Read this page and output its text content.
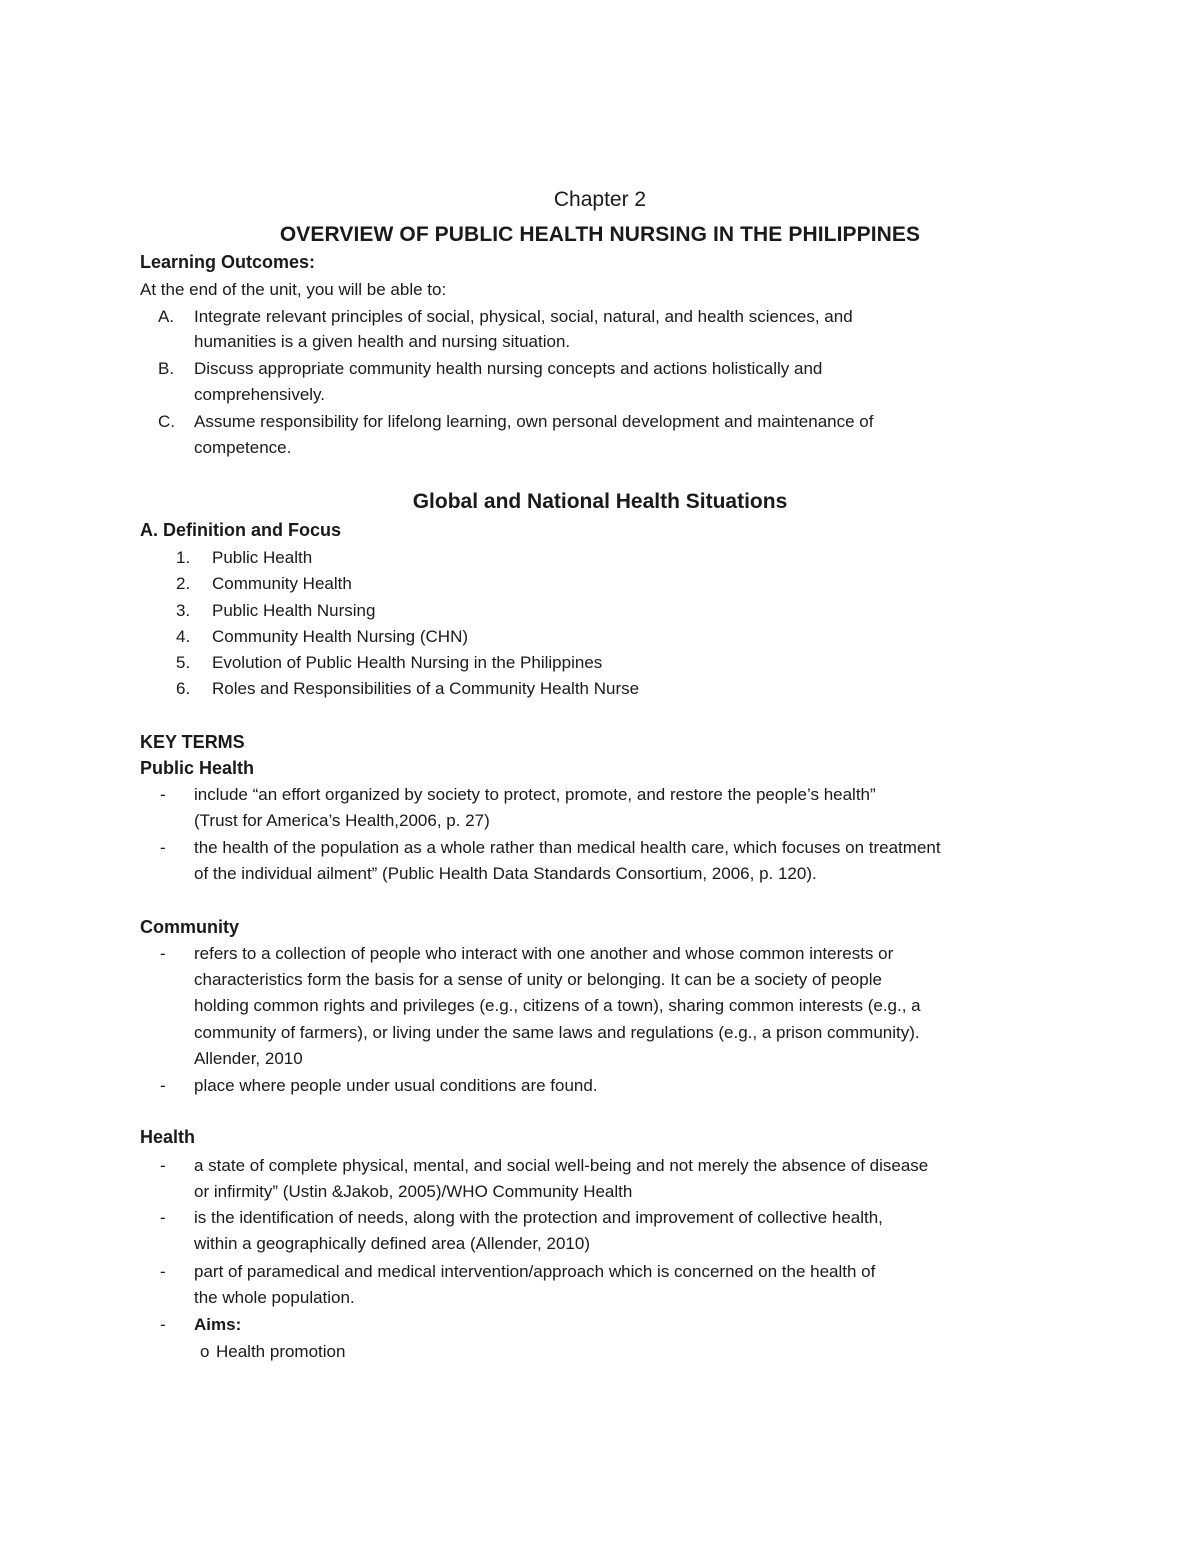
Chapter 2
OVERVIEW OF PUBLIC HEALTH NURSING IN THE PHILIPPINES
Learning Outcomes:
At the end of the unit, you will be able to:
A. Integrate relevant principles of social, physical, social, natural, and health sciences, and
humanities is a given health and nursing situation.
B. Discuss appropriate community health nursing concepts and actions holistically and
comprehensively.
C. Assume responsibility for lifelong learning, own personal development and maintenance of
competence.
Global and National Health Situations
A. Definition and Focus
1. Public Health
2. Community Health
3. Public Health Nursing
4. Community Health Nursing (CHN)
5. Evolution of Public Health Nursing in the Philippines
6. Roles and Responsibilities of a Community Health Nurse
KEY TERMS
Public Health
- include “an effort organized by society to protect, promote, and restore the people’s health”
(Trust for America’s Health,2006, p. 27)
- the health of the population as a whole rather than medical health care, which focuses on treatment
of the individual ailment” (Public Health Data Standards Consortium, 2006, p. 120).
Community
- refers to a collection of people who interact with one another and whose common interests or
characteristics form the basis for a sense of unity or belonging. It can be a society of people
holding common rights and privileges (e.g., citizens of a town), sharing common interests (e.g., a
community of farmers), or living under the same laws and regulations (e.g., a prison community).
Allender, 2010
- place where people under usual conditions are found.
Health
- a state of complete physical, mental, and social well-being and not merely the absence of disease
or infirmity” (Ustin &Jakob, 2005)/WHO Community Health
- is the identification of needs, along with the protection and improvement of collective health,
within a geographically defined area (Allender, 2010)
- part of paramedical and medical intervention/approach which is concerned on the health of
the whole population.
- Aims:
o Health promotion
